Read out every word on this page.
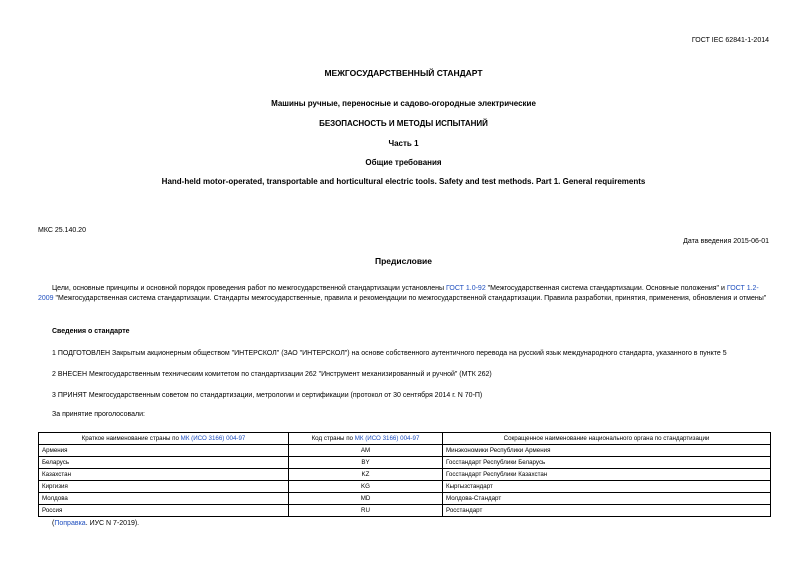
ГОСТ IEC 62841-1-2014
МЕЖГОСУДАРСТВЕННЫЙ СТАНДАРТ
Машины ручные, переносные и садово-огородные электрические
БЕЗОПАСНОСТЬ И МЕТОДЫ ИСПЫТАНИЙ
Часть 1
Общие требования
Hand-held motor-operated, transportable and horticultural electric tools. Safety and test methods. Part 1. General requirements
МКС 25.140.20
Дата введения 2015-06-01
Предисловие
Цели, основные принципы и основной порядок проведения работ по межгосударственной стандартизации установлены ГОСТ 1.0-92 "Межгосударственная система стандартизации. Основные положения" и ГОСТ 1.2-2009 "Межгосударственная система стандартизации. Стандарты межгосударственные, правила и рекомендации по межгосударственной стандартизации. Правила разработки, принятия, применения, обновления и отмены"
Сведения о стандарте
1 ПОДГОТОВЛЕН Закрытым акционерным обществом "ИНТЕРСКОЛ" (ЗАО "ИНТЕРСКОЛ") на основе собственного аутентичного перевода на русский язык международного стандарта, указанного в пункте 5
2 ВНЕСЕН Межгосударственным техническим комитетом по стандартизации 262 "Инструмент механизированный и ручной" (МТК 262)
3 ПРИНЯТ Межгосударственным советом по стандартизации, метрологии и сертификации (протокол от 30 сентября 2014 г. N 70-П)
За принятие проголосовали:
Краткое наименование страны по МК (ИСО 3166) 004-97	Код страны по МК (ИСО 3166) 004-97	Сокращенное наименование национального органа по стандартизации
Армения	AM	Минэкономики Республики Армения
Беларусь	BY	Госстандарт Республики Беларусь
Казахстан	KZ	Госстандарт Республики Казахстан
Киргизия	KG	Кыргызстандарт
Молдова	MD	Молдова-Стандарт
Россия	RU	Росстандарт
(Поправка. ИУС N 7-2019).
